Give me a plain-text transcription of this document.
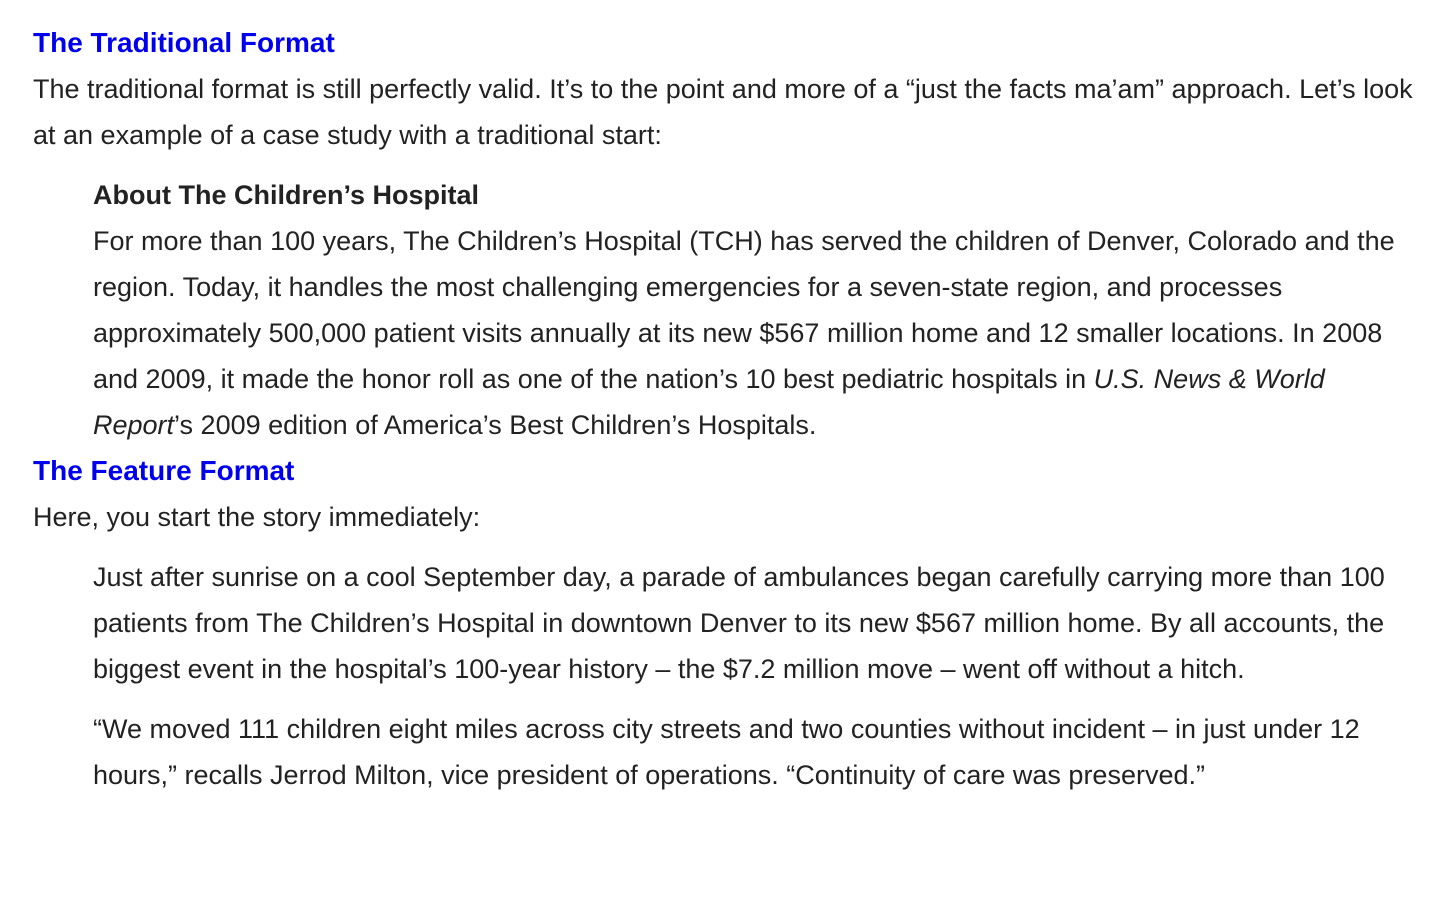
The Traditional Format

The traditional format is still perfectly valid. It’s to the point and more of a “just the facts ma’am” approach. Let’s look at an example of a case study with a traditional start:

About The Children’s Hospital

For more than 100 years, The Children’s Hospital (TCH) has served the children of Denver, Colorado and the region. Today, it handles the most challenging emergencies for a seven-state region, and processes approximately 500,000 patient visits annually at its new $567 million home and 12 smaller locations. In 2008 and 2009, it made the honor roll as one of the nation’s 10 best pediatric hospitals in U.S. News & World Report’s 2009 edition of America’s Best Children’s Hospitals.

The Feature Format

Here, you start the story immediately:

Just after sunrise on a cool September day, a parade of ambulances began carefully carrying more than 100 patients from The Children’s Hospital in downtown Denver to its new $567 million home. By all accounts, the biggest event in the hospital’s 100-year history – the $7.2 million move – went off without a hitch.

“We moved 111 children eight miles across city streets and two counties without incident – in just under 12 hours,” recalls Jerrod Milton, vice president of operations. “Continuity of care was preserved.”
